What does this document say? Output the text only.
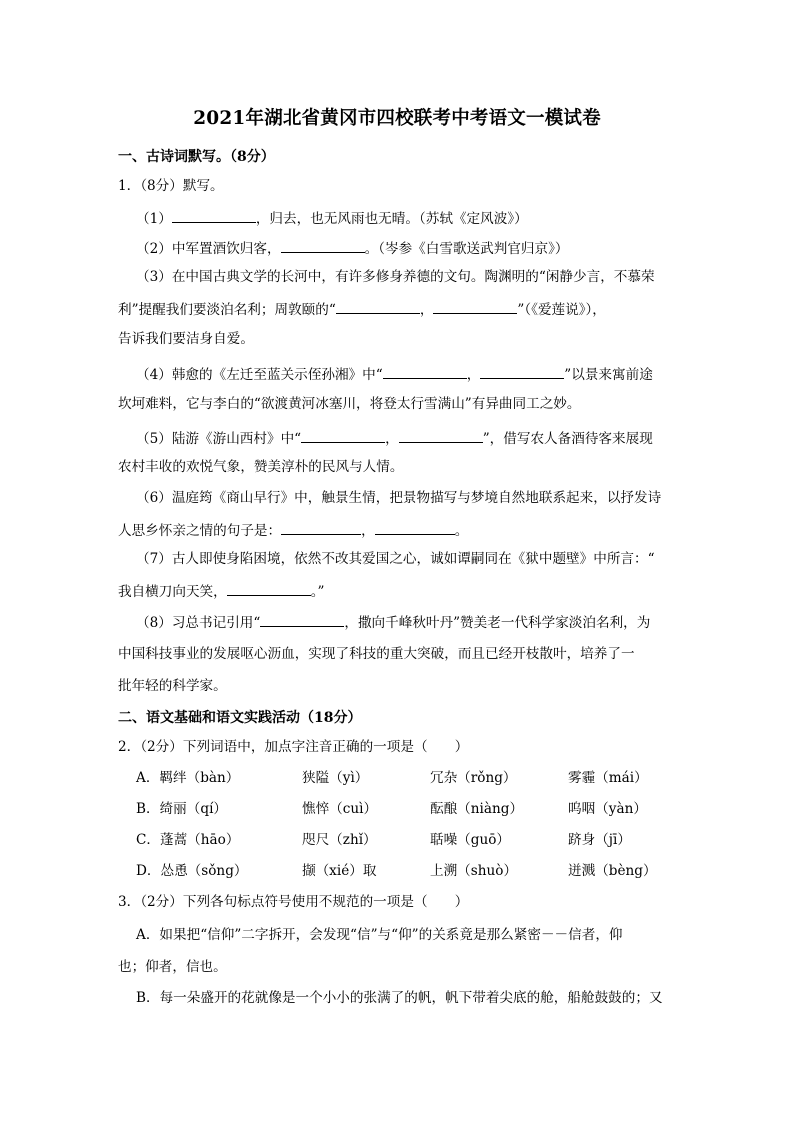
2021年湖北省黄冈市四校联考中考语文一模试卷
一、古诗词默写。（8分）
1．（8分）默写。
（1）	，归去，也无风雨也无晴。（苏轼《定风波》）
（2）中军置酒饮归客，	。（岑参《白雪歌送武判官归京》）
（3）在中国古典文学的长河中，有许多修身养德的文句。陶渊明的“闲静少言，不慕荣
利”提醒我们要淡泊名利；周敦颐的“	，	”（《爱莲说》），
告诉我们要洁身自爱。
（4）韩愈的《左迁至蓝关示侄孙湘》中“	，	”以景来寓前途
坎坷难料，它与李白的“欲渡黄河冰塞川，将登太行雪满山”有异曲同工之妙。
（5）陆游《游山西村》中“	，	”，借写农人备酒待客来展现
农村丰收的欢悦气象，赞美淳朴的民风与人情。
（6）温庭筠《商山早行》中，触景生情，把景物描写与梦境自然地联系起来，以抒发诗
人思乡怀亲之情的句子是：	，	。
（7）古人即使身陷困境，依然不改其爱国之心，诚如谭嗣同在《狱中题壁》中所言：“
我自横刀向天笑，	。”
（8）习总书记引用“	，撒向千峰秋叶丹”赞美老一代科学家淡泊名利，为
中国科技事业的发展呕心沥血，实现了科技的重大突破，而且已经开枝散叶，培养了一
批年轻的科学家。
二、语文基础和语文实践活动（18分）
2．（2分）下列词语中，加点字注音正确的一项是（　　）
A．羁绊（bàn）	狭隘（yì）	冗杂（rǒng）	雾霾（mái）
B．绮丽（qí）	憔悴（cuì）	酝酿（niàng）	呜咽（yàn）
C．蓬蒿（hāo）	咫尺（zhǐ）	聒噪（guō）	跻身（jī）
D．怂恿（sǒng）	撷（xié）取	上溯（shuò）	迸溅（bèng）
3．（2分）下列各句标点符号使用不规范的一项是（　　）
A．如果把“信仰”二字拆开，会发现“信”与“仰”的关系竟是那么紧密－－信者，仰
也；仰者，信也。
B．每一朵盛开的花就像是一个小小的张满了的帆，帆下带着尖底的舱，船舱鼓鼓的；又
